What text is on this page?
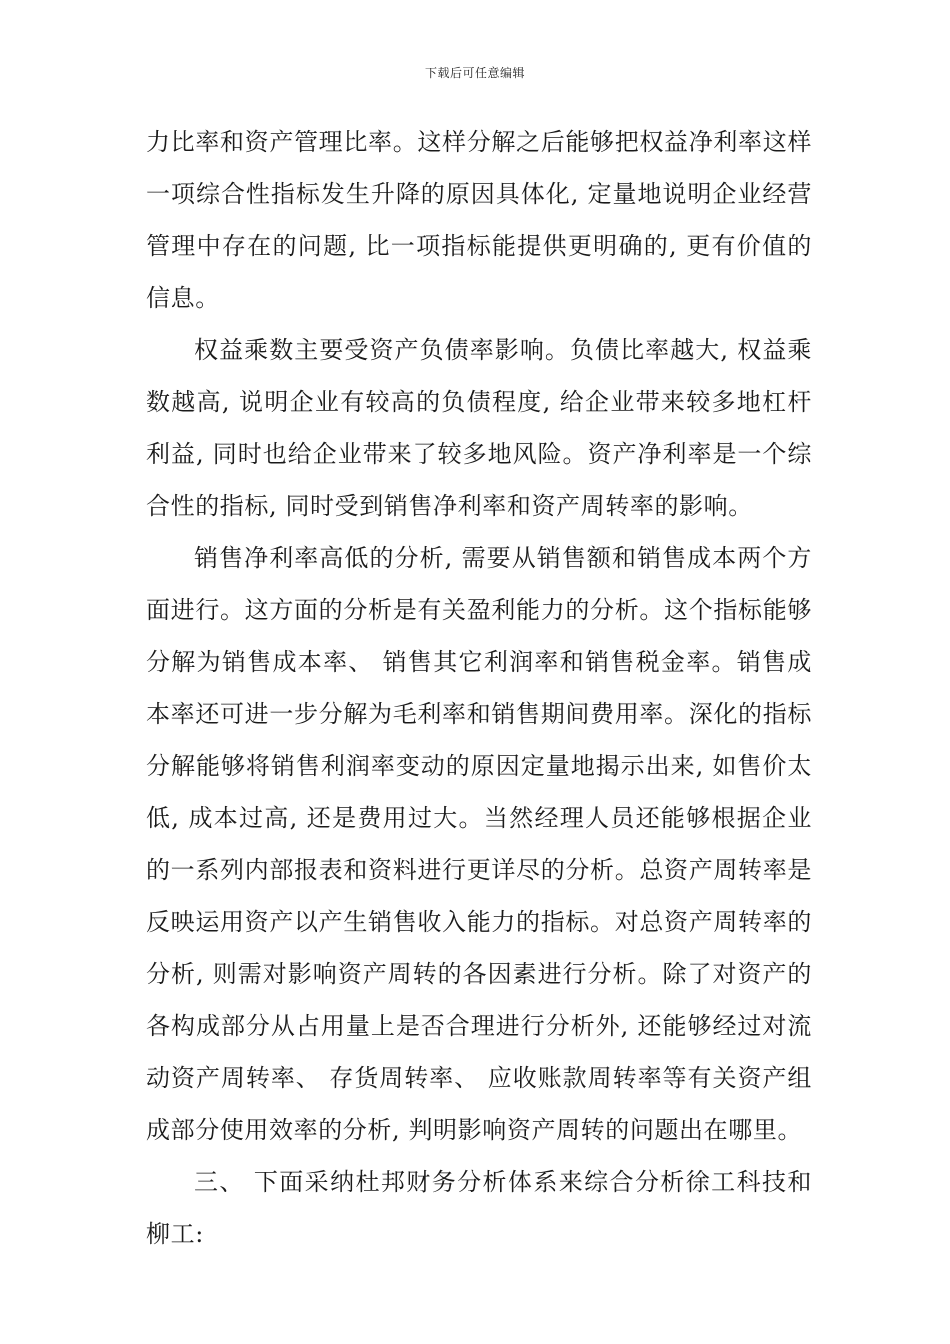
下载后可任意编辑

力比率和资产管理比率。这样分解之后能够把权益净利率这样一项综合性指标发生升降的原因具体化, 定量地说明企业经营管理中存在的问题, 比一项指标能提供更明确的, 更有价值的信息。

权益乘数主要受资产负债率影响。负债比率越大, 权益乘数越高, 说明企业有较高的负债程度, 给企业带来较多地杠杆利益, 同时也给企业带来了较多地风险。资产净利率是一个综合性的指标, 同时受到销售净利率和资产周转率的影响。

销售净利率高低的分析, 需要从销售额和销售成本两个方面进行。这方面的分析是有关盈利能力的分析。这个指标能够分解为销售成本率、 销售其它利润率和销售税金率。销售成本率还可进一步分解为毛利率和销售期间费用率。深化的指标分解能够将销售利润率变动的原因定量地揭示出来, 如售价太低, 成本过高, 还是费用过大。当然经理人员还能够根据企业的一系列内部报表和资料进行更详尽的分析。总资产周转率是反映运用资产以产生销售收入能力的指标。对总资产周转率的分析, 则需对影响资产周转的各因素进行分析。除了对资产的各构成部分从占用量上是否合理进行分析外, 还能够经过对流动资产周转率、 存货周转率、 应收账款周转率等有关资产组成部分使用效率的分析, 判明影响资产周转的问题出在哪里。

三、 下面采纳杜邦财务分析体系来综合分析徐工科技和柳工:
